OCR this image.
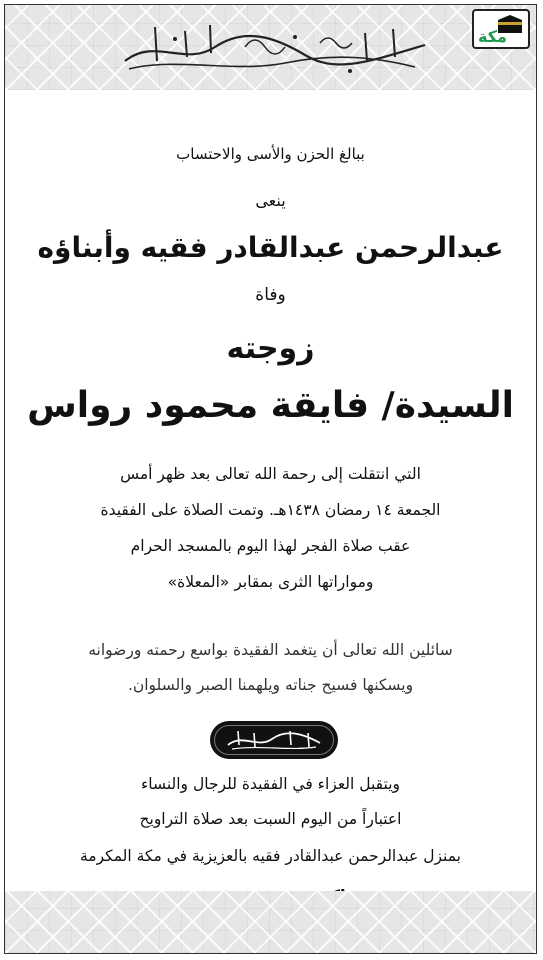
مكة
ببالغ الحزن والأسى والاحتساب
ينعى
عبدالرحمن عبدالقادر فقيه وأبناؤه
وفاة
زوجته
السيدة/ فايقة محمود رواس
التي انتقلت إلى رحمة الله تعالى بعد ظهر أمس
الجمعة ١٤ رمضان ١٤٣٨هـ. وتمت الصلاة على الفقيدة
عقب صلاة الفجر لهذا اليوم بالمسجد الحرام
ومواراتها الثرى بمقابر «المعلاة»
سائلين الله تعالى أن يتغمد الفقيدة بواسع رحمته ورضوانه
ويسكنها فسيح جناته ويلهمنا الصبر والسلوان.
ويتقبل العزاء في الفقيدة للرجال والنساء
اعتباراً من اليوم السبت بعد صلاة التراويح
بمنزل عبدالرحمن عبدالقادر فقيه بالعزيزية في مكة المكرمة
